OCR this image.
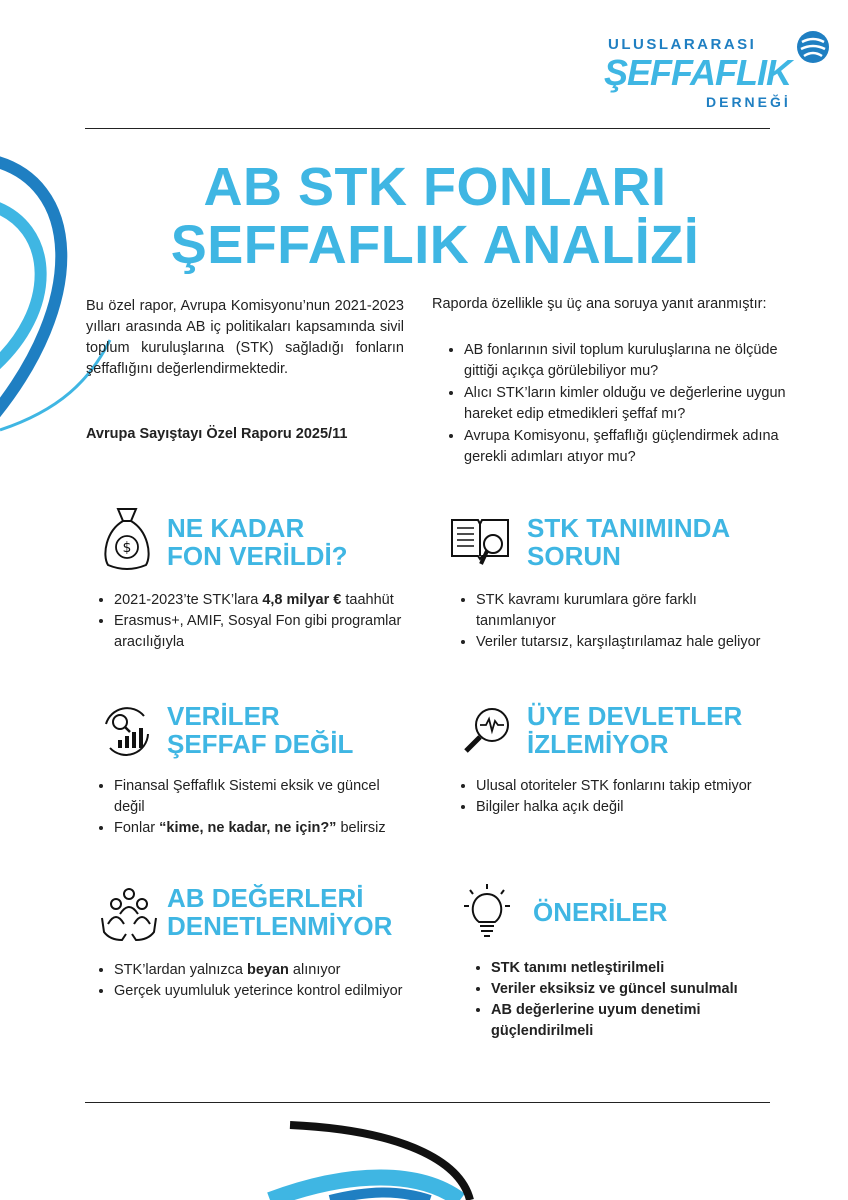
ULUSLARARASI
ŞEFFAFLIK
DERNEĞİ
AB STK FONLARI ŞEFFAFLIK ANALİZİ
Bu özel rapor, Avrupa Komisyonu’nun 2021-2023 yılları arasında AB iç politikaları kapsamında sivil toplum kuruluşlarına (STK) sağladığı fonların şeffaflığını değerlendirmektedir.
Avrupa Sayıştayı Özel Raporu 2025/11
Raporda özellikle şu üç ana soruya yanıt aranmıştır:
• AB fonlarının sivil toplum kuruluşlarına ne ölçüde gittiği açıkça görülebiliyor mu?
• Alıcı STK’ların kimler olduğu ve değerlerine uygun hareket edip etmedikleri şeffaf mı?
• Avrupa Komisyonu, şeffaflığı güçlendirmek adına gerekli adımları atıyor mu?
$
NE KADAR
FON VERİLDİ?
• 2021-2023’te STK’lara 4,8 milyar € taahhüt
• Erasmus+, AMIF, Sosyal Fon gibi programlar aracılığıyla
STK TANIMINDA
SORUN
• STK kavramı kurumlara göre farklı tanımlanıyor
• Veriler tutarsız, karşılaştırılamaz hale geliyor
VERİLER
ŞEFFAF DEĞİL
• Finansal Şeffaflık Sistemi eksik ve güncel değil
• Fonlar “kime, ne kadar, ne için?” belirsiz
ÜYE DEVLETLER
İZLEMİYOR
• Ulusal otoriteler STK fonlarını takip etmiyor
• Bilgiler halka açık değil
AB DEĞERLERİ
DENETLENMİYOR
• STK’lardan yalnızca beyan alınıyor
• Gerçek uyumluluk yeterince kontrol edilmiyor
ÖNERİLER
• STK tanımı netleştirilmeli
• Veriler eksiksiz ve güncel sunulmalı
• AB değerlerine uyum denetimi güçlendirilmeli
